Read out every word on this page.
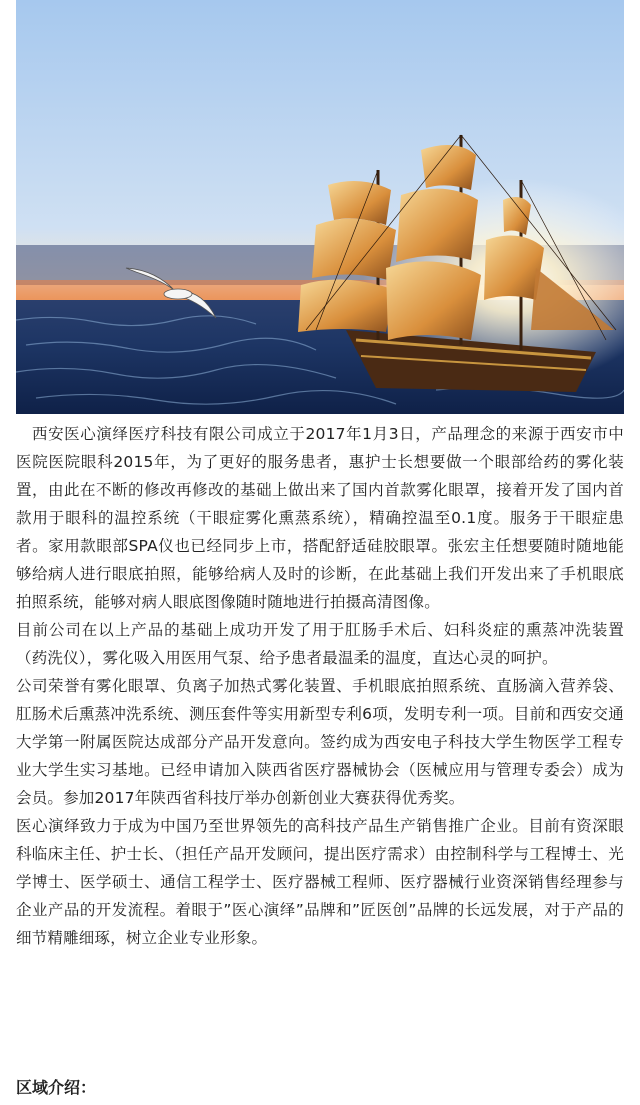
西安医心演绎医疗科技有限公司成立于2017年1月3日，产品理念的来源于西安市中医院医院眼科2015年，为了更好的服务患者，惠护士长想要做一个眼部给药的雾化装置，由此在不断的修改再修改的基础上做出来了国内首款雾化眼罩，接着开发了国内首款用于眼科的温控系统（干眼症雾化熏蒸系统），精确控温至0.1度。服务于干眼症患者。家用款眼部SPA仪也已经同步上市，搭配舒适硅胶眼罩。张宏主任想要随时随地能够给病人进行眼底拍照，能够给病人及时的诊断，在此基础上我们开发出来了手机眼底拍照系统，能够对病人眼底图像随时随地进行拍摄高清图像。

目前公司在以上产品的基础上成功开发了用于肛肠手术后、妇科炎症的熏蒸冲洗装置（药洗仪），雾化吸入用医用气泵、给予患者最温柔的温度，直达心灵的呵护。

公司荣誉有雾化眼罩、负离子加热式雾化装置、手机眼底拍照系统、直肠滴入营养袋、肛肠术后熏蒸冲洗系统、测压套件等实用新型专利6项，发明专利一项。目前和西安交通大学第一附属医院达成部分产品开发意向。签约成为西安电子科技大学生物医学工程专业大学生实习基地。已经申请加入陕西省医疗器械协会（医械应用与管理专委会）成为会员。参加2017年陕西省科技厅举办创新创业大赛获得优秀奖。

医心演绎致力于成为中国乃至世界领先的高科技产品生产销售推广企业。目前有资深眼科临床主任、护士长、（担任产品开发顾问，提出医疗需求）由控制科学与工程博士、光学博士、医学硕士、通信工程学士、医疗器械工程师、医疗器械行业资深销售经理参与企业产品的开发流程。着眼于”医心演绎”品牌和”匠医创”品牌的长远发展，对于产品的细节精雕细琢，树立企业专业形象。

区域介绍：
